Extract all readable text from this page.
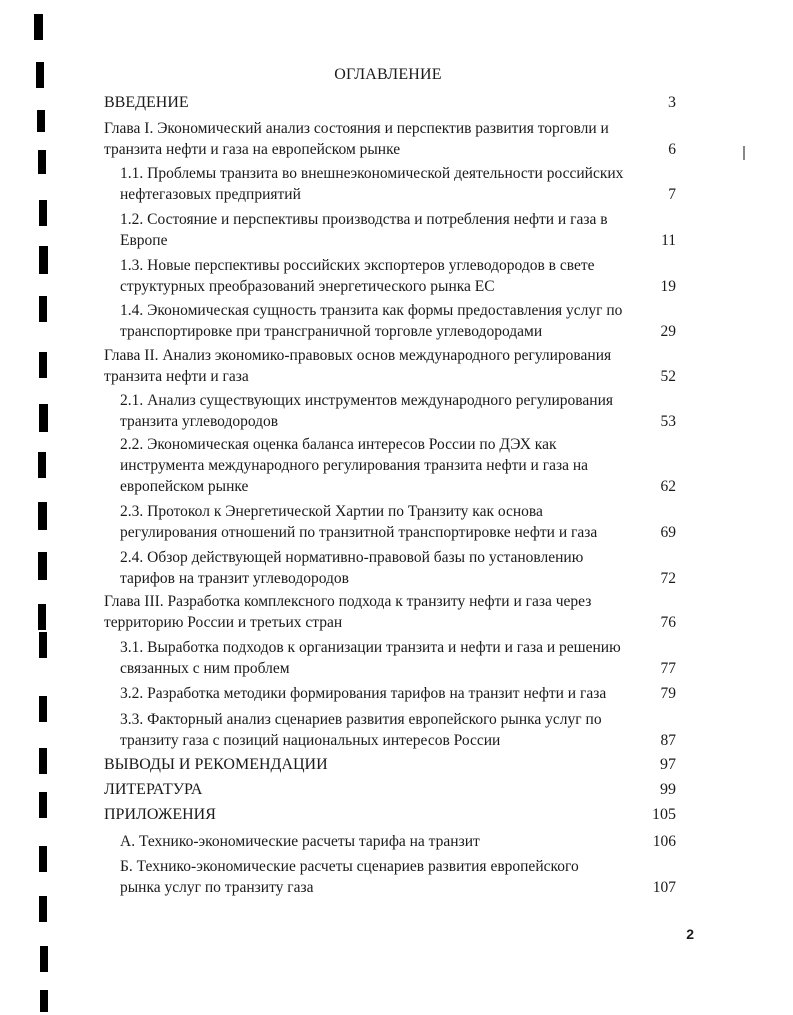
ОГЛАВЛЕНИЕ
ВВЕДЕНИЕ	3
Глава I. Экономический анализ состояния и перспектив развития торговли и
транзита нефти и газа на европейском рынке	6
1.1. Проблемы транзита во внешнеэкономической деятельности российских
нефтегазовых предприятий	7
1.2. Состояние и перспективы производства и потребления нефти и газа в
Европе	11
1.3. Новые перспективы российских экспортеров углеводородов в свете
структурных преобразований энергетического рынка ЕС	19
1.4. Экономическая сущность транзита как формы предоставления услуг по
транспортировке при трансграничной торговле углеводородами	29
Глава II. Анализ экономико-правовых основ международного регулирования
транзита нефти и газа	52
2.1. Анализ существующих инструментов международного регулирования
транзита углеводородов	53
2.2. Экономическая оценка баланса интересов России по ДЭХ как
инструмента международного регулирования транзита нефти и газа на
европейском рынке	62
2.3. Протокол к Энергетической Хартии по Транзиту как основа
регулирования отношений по транзитной транспортировке нефти и газа	69
2.4. Обзор действующей нормативно-правовой базы по установлению
тарифов на транзит углеводородов	72
Глава III. Разработка комплексного подхода к транзиту нефти и газа через
территорию России и третьих стран	76
3.1. Выработка подходов к организации транзита и нефти и газа и решению
связанных с ним проблем	77
3.2. Разработка методики формирования тарифов на транзит нефти и газа	79
3.3. Факторный анализ сценариев развития европейского рынка услуг по
транзиту газа с позиций национальных интересов России	87
ВЫВОДЫ И РЕКОМЕНДАЦИИ	97
ЛИТЕРАТУРА	99
ПРИЛОЖЕНИЯ	105
А. Технико-экономические расчеты тарифа на транзит	106
Б. Технико-экономические расчеты сценариев развития европейского
рынка услуг по транзиту газа	107
2
